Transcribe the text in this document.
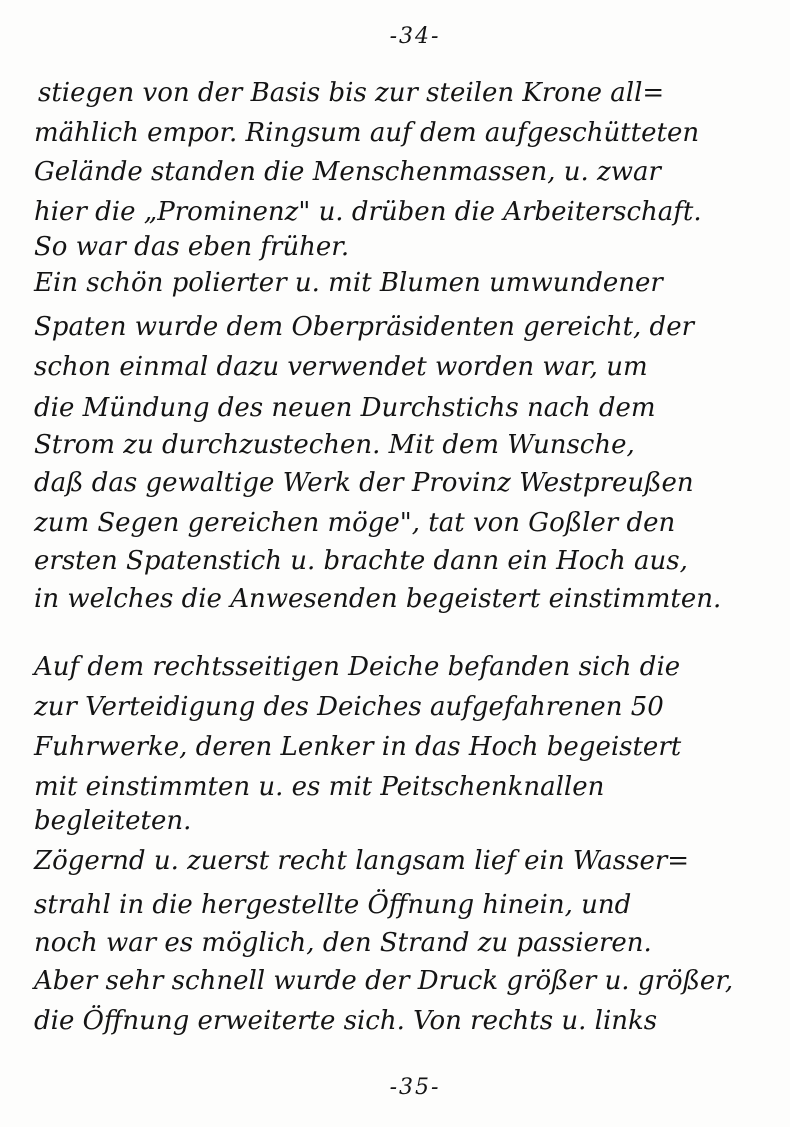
-34-
stiegen von der Basis bis zur steilen Krone all=
mählich empor. Ringsum auf dem aufgeschütteten
Gelände standen die Menschenmassen, u. zwar
hier die „Prominenz" u. drüben die Arbeiterschaft.
So war das eben früher.
Ein schön polierter u. mit Blumen umwundener
Spaten wurde dem Oberpräsidenten gereicht, der
schon einmal dazu verwendet worden war, um
die Mündung des neuen Durchstichs nach dem
Strom zu durchzustechen. Mit dem Wunsche,
daß das gewaltige Werk der Provinz Westpreußen
zum Segen gereichen möge", tat von Goßler den
ersten Spatenstich u. brachte dann ein Hoch aus,
in welches die Anwesenden begeistert einstimmten.
Auf dem rechtsseitigen Deiche befanden sich die
zur Verteidigung des Deiches aufgefahrenen 50
Fuhrwerke, deren Lenker in das Hoch begeistert
mit einstimmten u. es mit Peitschenknallen
begleiteten.
Zögernd u. zuerst recht langsam lief ein Wasser=
strahl in die hergestellte Öffnung hinein, und
noch war es möglich, den Strand zu passieren.
Aber sehr schnell wurde der Druck größer u. größer,
die Öffnung erweiterte sich. Von rechts u. links
-35-
